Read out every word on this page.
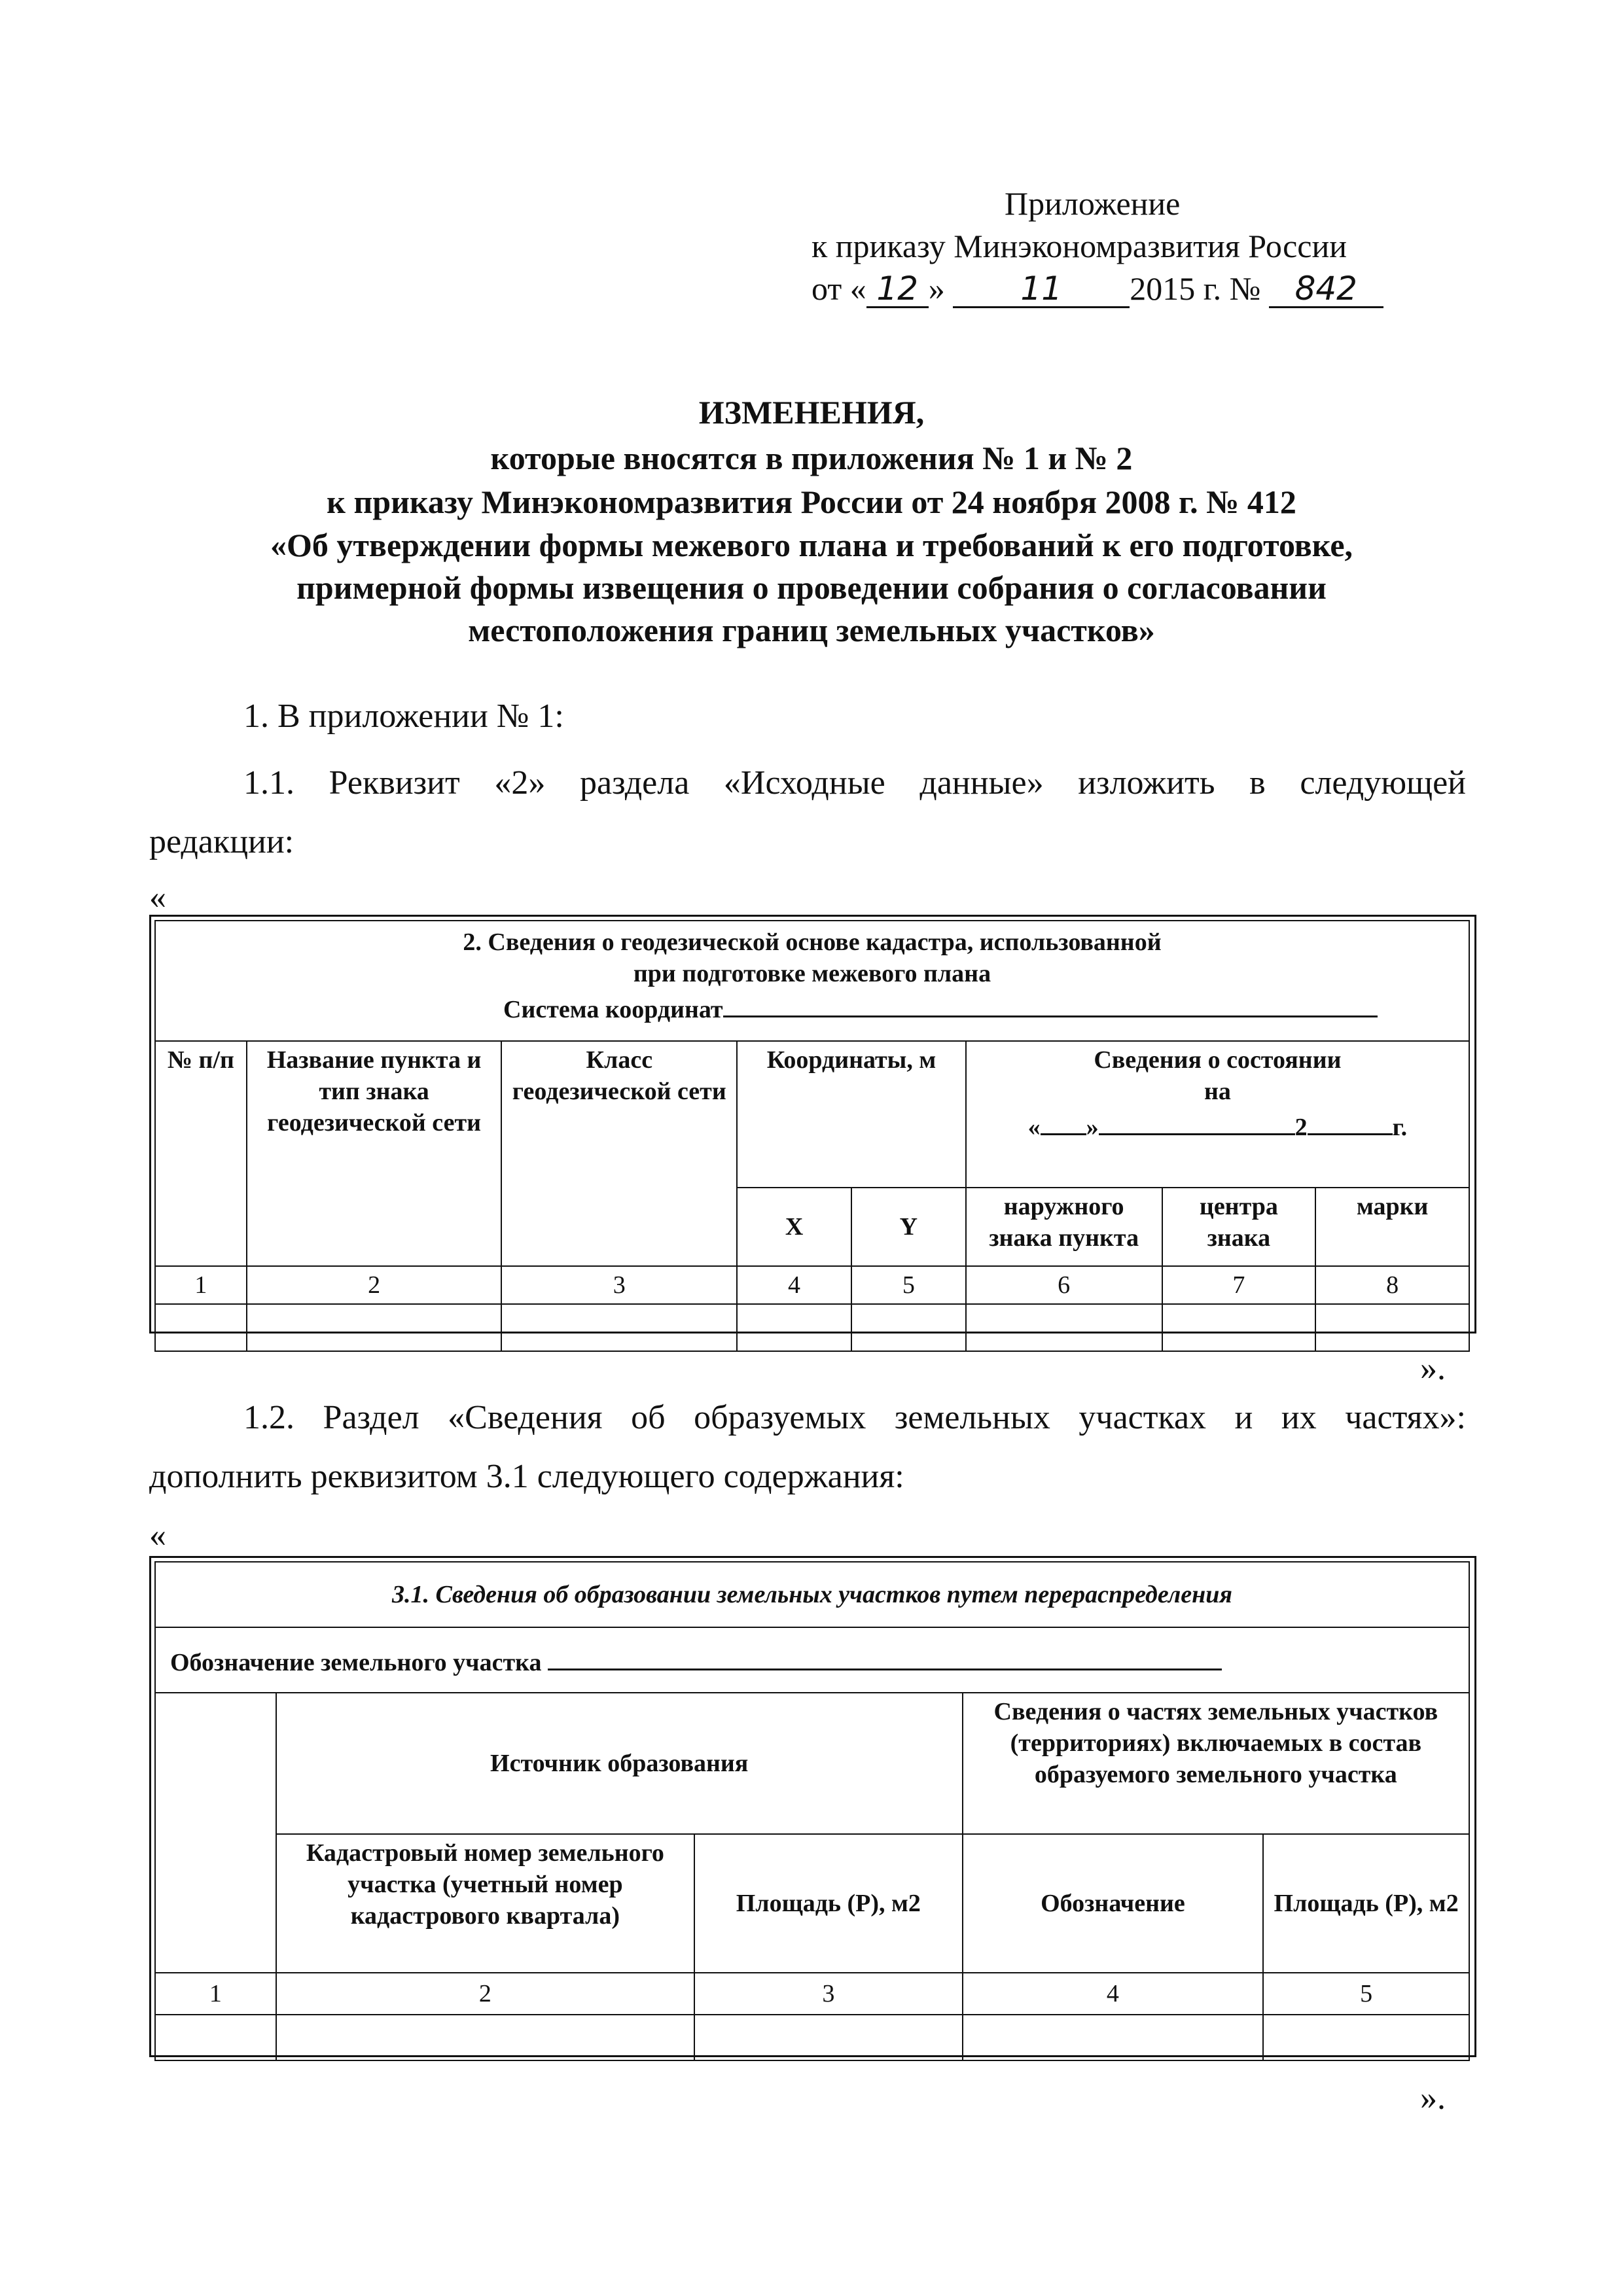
Приложение
к приказу Минэкономразвития России
от « 12 » 11 2015 г. № 842
ИЗМЕНЕНИЯ,
которые вносятся в приложения № 1 и № 2
к приказу Минэкономразвития России от 24 ноября 2008 г. № 412
«Об утверждении формы межевого плана и требований к его подготовке,
примерной формы извещения о проведении собрания о согласовании
местоположения границ земельных участков»
1. В приложении № 1:
1.1. Реквизит «2» раздела «Исходные данные» изложить в следующей
редакции:
«
2. Сведения о геодезической основе кадастра, использованной
при подготовке межевого плана
Система координат							

№ п/п	Название пункта и тип знака геодезической сети	Класс геодезической сети	Координаты, м		Сведения о состоянии
на
« » 2 г.		

			X	Y	наружного знака пункта	центра знака	марки
1	2	3	4	5	6	7	8

».
1.2. Раздел «Сведения об образуемых земельных участках и их частях»:
дополнить реквизитом 3.1 следующего содержания:
«
3.1. Сведения об образовании земельных участков путем перераспределения				
Обозначение земельного участка				
	Источник образования		Сведения о частях земельных участков (территориях) включаемых в состав образуемого земельного участка	
	Кадастровый номер земельного участка (учетный номер кадастрового квартала)	Площадь (Р), м2	Обозначение	Площадь (Р), м2
1	2	3	4	5

».
